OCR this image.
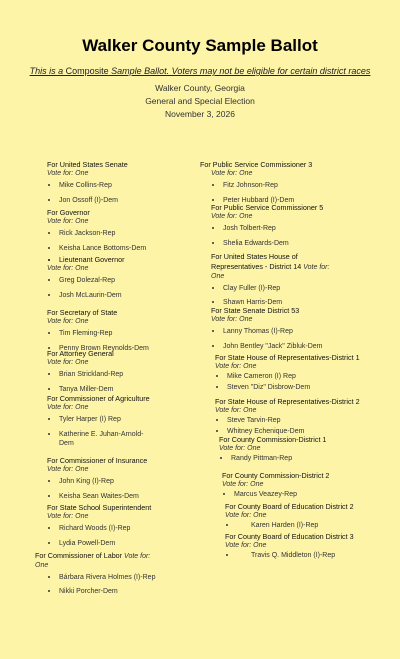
Walker County Sample Ballot
This is a Composite Sample Ballot. Voters may not be eligible for certain district races
Walker County, Georgia
General and Special Election
November 3, 2026
For United States Senate
Vote for: One
• Mike Collins-Rep
• Jon Ossoff (I)-Dem
For Governor
Vote for: One
• Rick Jackson-Rep
• Keisha Lance Bottoms-Dem
• Lieutenant Governor
Vote for: One
• Greg Dolezal-Rep
• Josh McLaurin-Dem
For Secretary of State
Vote for: One
• Tim Fleming-Rep
• Penny Brown Reynolds-Dem
For Attorney General
Vote for: One
• Brian Strickland-Rep
• Tanya Miller-Dem
For Commissioner of Agriculture
Vote for: One
• Tyler Harper (I) Rep
• Katherine E. Juhan-Arnold-Dem
For Commissioner of Insurance
Vote for: One
• John King (I)-Rep
• Keisha Sean Waites-Dem
For State School Superintendent
Vote for: One
• Richard Woods (I)-Rep
• Lydia Powell-Dem
For Commissioner of Labor Vote for: One
• Bárbara Rivera Holmes (I)-Rep
• Nikki Porcher-Dem
For Public Service Commissioner 3
Vote for: One
• Fitz Johnson-Rep
• Peter Hubbard (I)-Dem
For Public Service Commissioner 5
Vote for: One
• Josh Tolbert-Rep
• Shelia Edwards-Dem
For United States House of Representatives - District 14 Vote for: One
• Clay Fuller (I)-Rep
• Shawn Harris-Dem
For State Senate District 53
Vote for: One
• Lanny Thomas (I)-Rep
• John Bentley "Jack" Zibluk-Dem
For State House of Representatives-District 1
Vote for: One
• Mike Cameron (I) Rep
• Steven "Diz" Disbrow-Dem
For State House of Representatives-District 2
Vote for: One
• Steve Tarvin-Rep
• Whitney Echenique-Dem
For County Commission-District 1
Vote for: One
• Randy Pittman-Rep
For County Commission-District 2
Vote for: One
• Marcus Veazey-Rep
For County Board of Education District 2
Vote for: One
• Karen Harden (I)-Rep
For County Board of Education District 3
Vote for: One
• Travis Q. Middleton (I)-Rep
